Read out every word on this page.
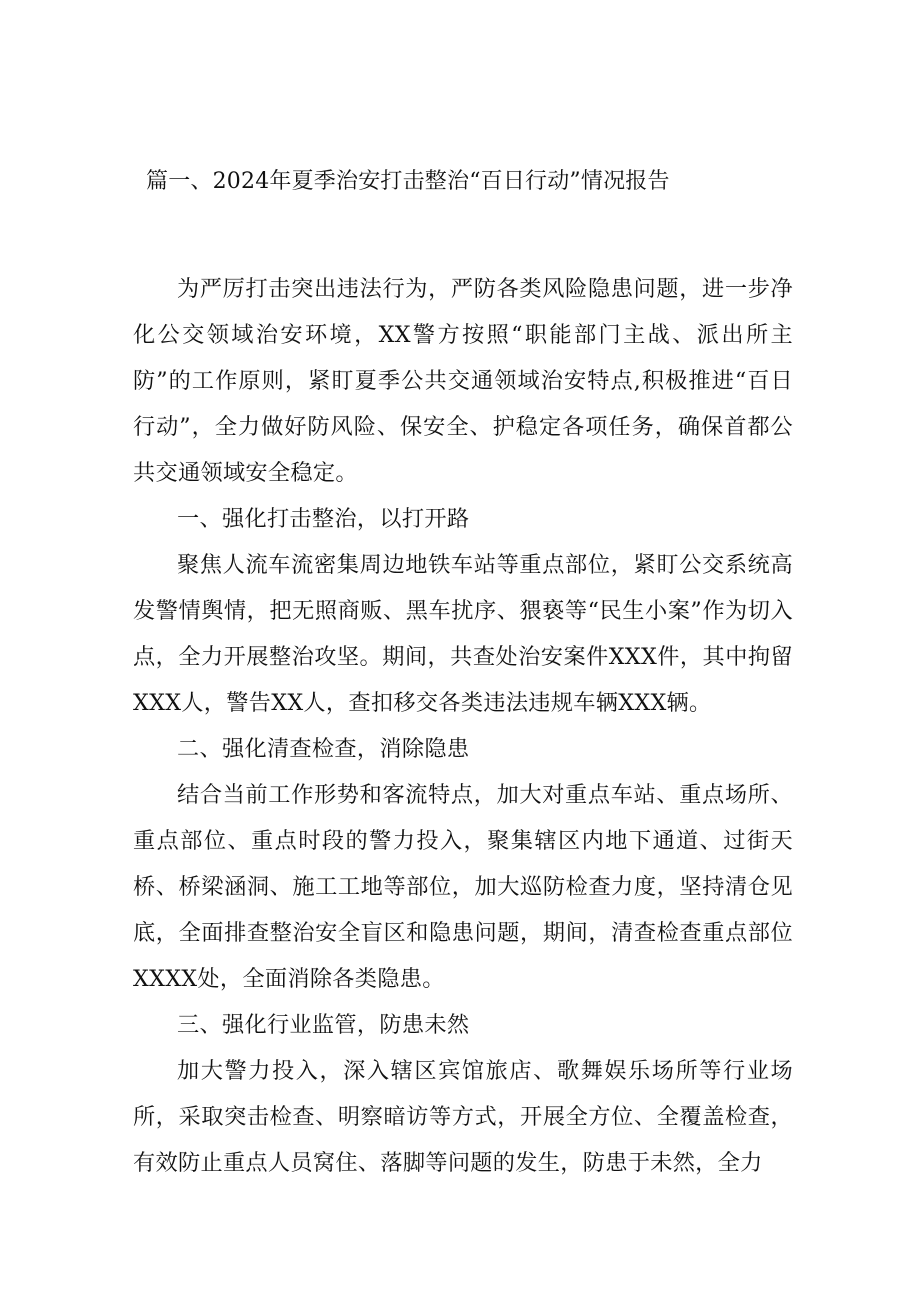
篇一、2024年夏季治安打击整治“百日行动”情况报告

为严厉打击突出违法行为，严防各类风险隐患问题，进一步净化公交领域治安环境，XX警方按照“职能部门主战、派出所主防”的工作原则，紧盯夏季公共交通领域治安特点,积极推进“百日行动”，全力做好防风险、保安全、护稳定各项任务，确保首都公共交通领域安全稳定。

一、强化打击整治，以打开路

聚焦人流车流密集周边地铁车站等重点部位，紧盯公交系统高发警情舆情，把无照商贩、黑车扰序、猥亵等“民生小案”作为切入点，全力开展整治攻坚。期间，共查处治安案件XXX件，其中拘留XXX人，警告XX人，查扣移交各类违法违规车辆XXX辆。

二、强化清查检查，消除隐患

结合当前工作形势和客流特点，加大对重点车站、重点场所、重点部位、重点时段的警力投入，聚集辖区内地下通道、过街天桥、桥梁涵洞、施工工地等部位，加大巡防检查力度，坚持清仓见底，全面排查整治安全盲区和隐患问题，期间，清查检查重点部位XXXX处，全面消除各类隐患。

三、强化行业监管，防患未然

加大警力投入，深入辖区宾馆旅店、歌舞娱乐场所等行业场所，采取突击检查、明察暗访等方式，开展全方位、全覆盖检查，有效防止重点人员窝住、落脚等问题的发生，防患于未然，全力
